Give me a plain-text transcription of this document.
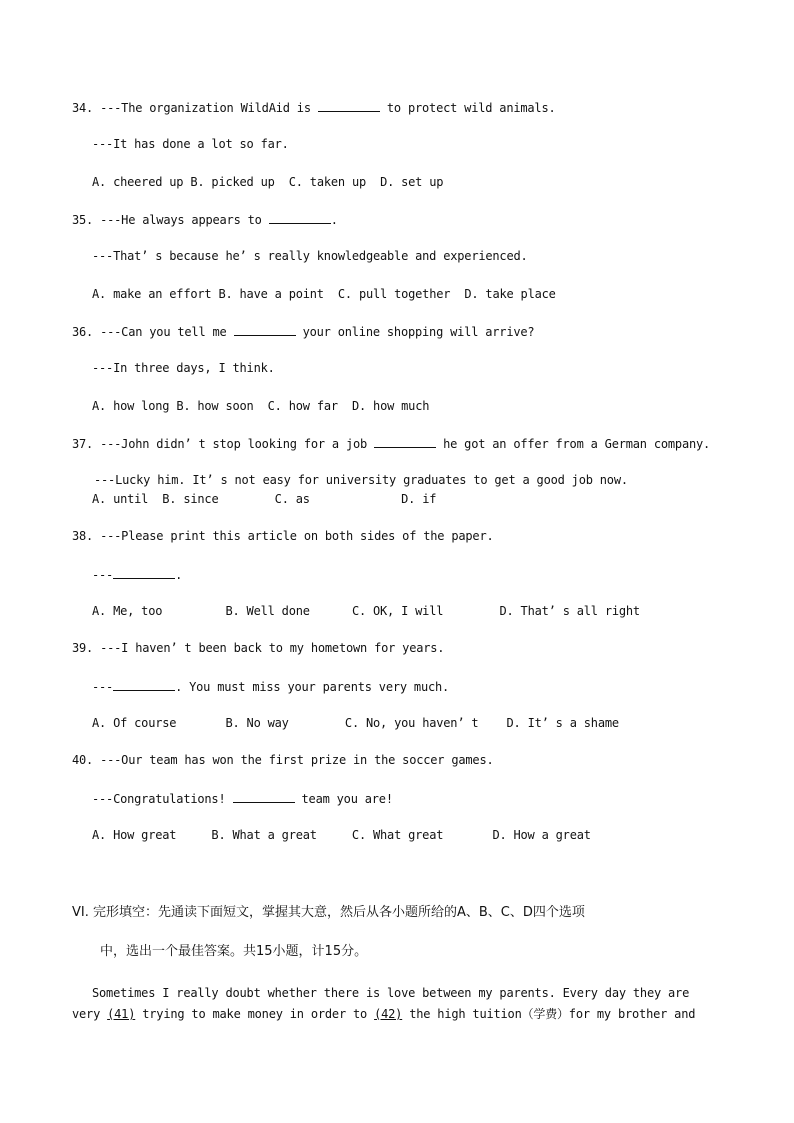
34. ---The organization WildAid is	to protect wild animals.
---It has done a lot so far.
A. cheered up B. picked up C. taken up D. set up
35. ---He always appears to	.
---That’ s because he’ s really knowledgeable and experienced.
A. make an effort B. have a point C. pull together D. take place
36. ---Can you tell me	your online shopping will arrive?
---In three days, I think.
A. how long B. how soon C. how far D. how much
37. ---John didn’ t stop looking for a job	he got an offer from a German company.
---Lucky him. It’ s not easy for university graduates to get a good job now.
A. until B. since	C. as	D. if
38. ---Please print this article on both sides of the paper.
---	.
A. Me, too	B. Well done	C. OK, I will	D. That’ s all right
39. ---I haven’ t been back to my hometown for years.
---	. You must miss your parents very much.
A. Of course	B. No way	C. No, you haven’ t D. It’ s a shame
40. ---Our team has won the first prize in the soccer games.
---Congratulations!	team you are!
A. How great	B. What a great	C. What great	D. How a great
VI. 完形填空：先通读下面短文，掌握其大意，然后从各小题所给的A、B、C、D四个选项
中，选出一个最佳答案。共15小题，计15分。
Sometimes I really doubt whether there is love between my parents. Every day they are
very (41) trying to make money in order to (42) the high tuition（学费）for my brother and
